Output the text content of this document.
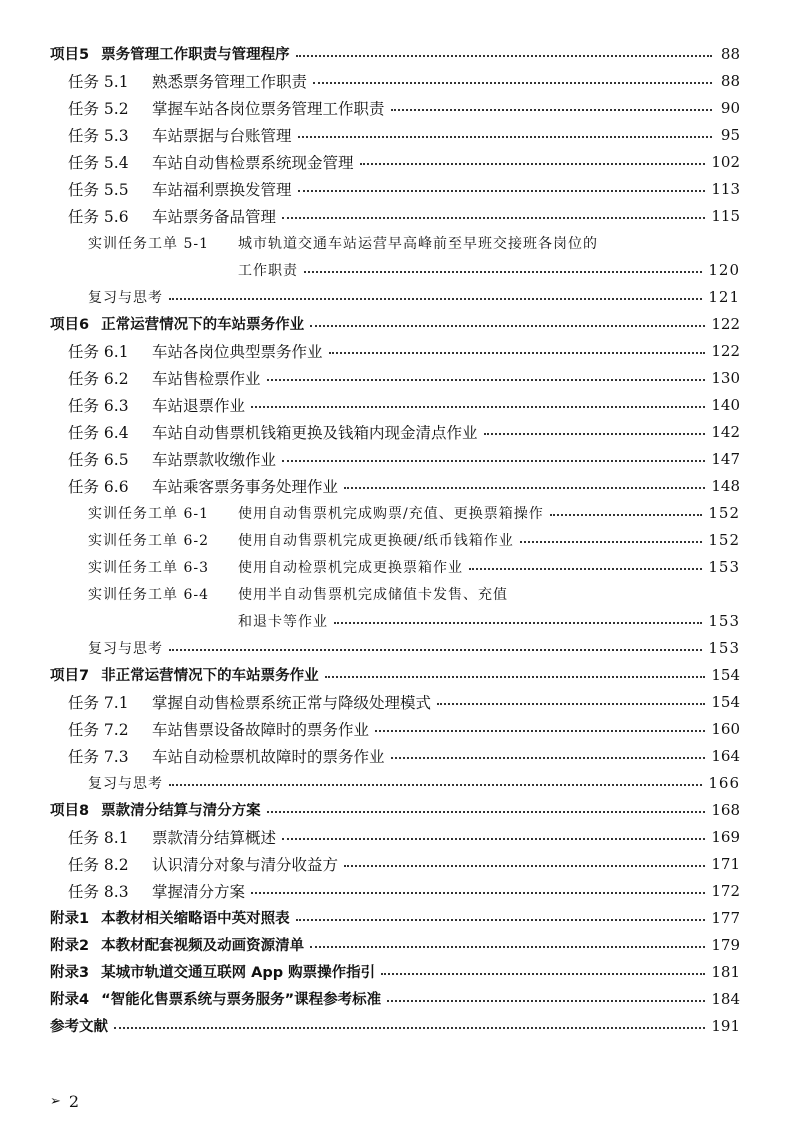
项目5 票务管理工作职责与管理程序	88
任务 5.1	熟悉票务管理工作职责	88
任务 5.2	掌握车站各岗位票务管理工作职责	90
任务 5.3	车站票据与台账管理	95
任务 5.4	车站自动售检票系统现金管理	102
任务 5.5	车站福利票换发管理	113
任务 5.6	车站票务备品管理	115
实训任务工单 5-1	城市轨道交通车站运营早高峰前至早班交接班各岗位的
工作职责	120
复习与思考	121
项目6 正常运营情况下的车站票务作业	122
任务 6.1	车站各岗位典型票务作业	122
任务 6.2	车站售检票作业	130
任务 6.3	车站退票作业	140
任务 6.4	车站自动售票机钱箱更换及钱箱内现金清点作业	142
任务 6.5	车站票款收缴作业	147
任务 6.6	车站乘客票务事务处理作业	148
实训任务工单 6-1	使用自动售票机完成购票/充值、更换票箱操作	152
实训任务工单 6-2	使用自动售票机完成更换硬/纸币钱箱作业	152
实训任务工单 6-3	使用自动检票机完成更换票箱作业	153
实训任务工单 6-4	使用半自动售票机完成储值卡发售、充值
和退卡等作业	153
复习与思考	153
项目7 非正常运营情况下的车站票务作业	154
任务 7.1	掌握自动售检票系统正常与降级处理模式	154
任务 7.2	车站售票设备故障时的票务作业	160
任务 7.3	车站自动检票机故障时的票务作业	164
复习与思考	166
项目8 票款清分结算与清分方案	168
任务 8.1	票款清分结算概述	169
任务 8.2	认识清分对象与清分收益方	171
任务 8.3	掌握清分方案	172
附录1 本教材相关缩略语中英对照表	177
附录2 本教材配套视频及动画资源清单	179
附录3 某城市轨道交通互联网 App 购票操作指引	181
附录4 “智能化售票系统与票务服务”课程参考标准	184
参考文献	191
➢ 2
